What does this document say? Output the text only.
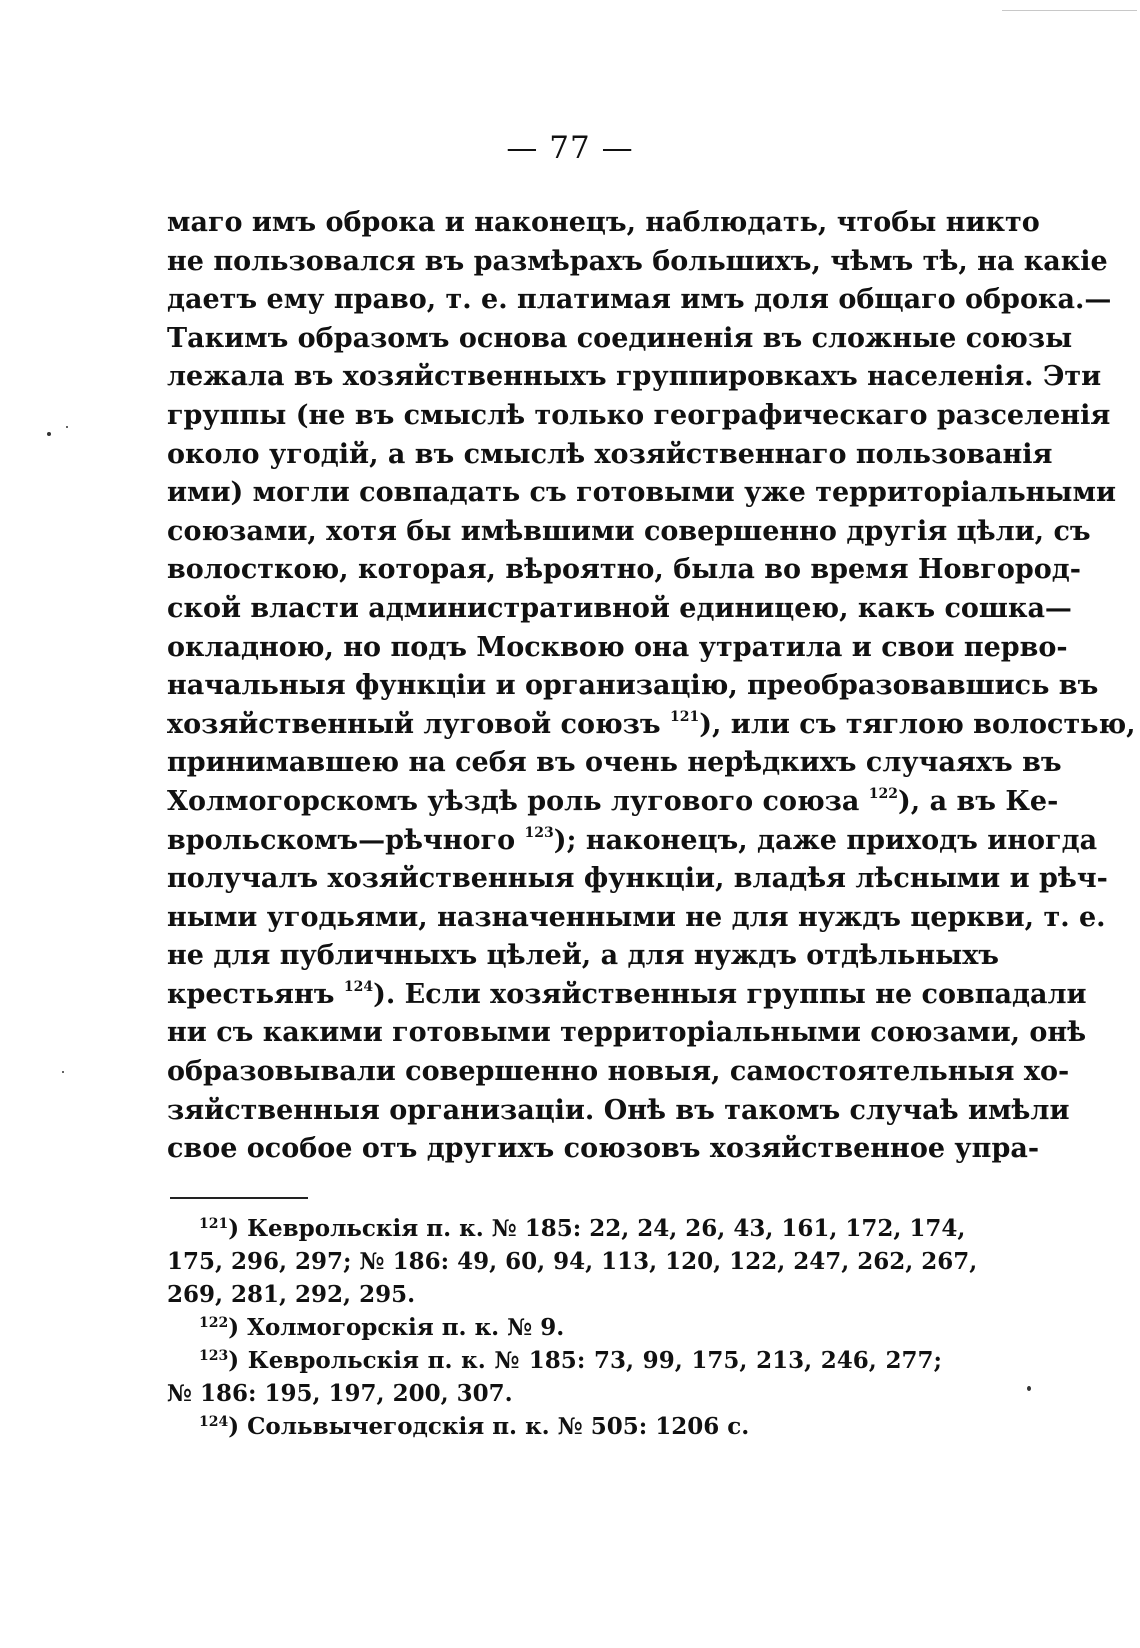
— 77 —
маго имъ оброка и наконецъ, наблюдать, чтобы никто
не пользовался въ размѣрахъ большихъ, чѣмъ тѣ, на какіе
даетъ ему право, т. е. платимая имъ доля общаго оброка.—
Такимъ образомъ основа соединенія въ сложные союзы
лежала въ хозяйственныхъ группировкахъ населенія. Эти
группы (не въ смыслѣ только географическаго разселенія
около угодій, а въ смыслѣ хозяйственнаго пользованія
ими) могли совпадать съ готовыми уже территоріальными
союзами, хотя бы имѣвшими совершенно другія цѣли, съ
волосткою, которая, вѣроятно, была во время Новгород-
ской власти административной единицею, какъ сошка—
окладною, но подъ Москвою она утратила и свои перво-
начальныя функціи и организацію, преобразовавшись въ
хозяйственный луговой союзъ $^{121}$), или съ тяглою волостью,
принимавшею на себя въ очень нерѣдкихъ случаяхъ въ
Холмогорскомъ уѣздѣ роль лугового союза $^{122}$), а въ Ке-
врольскомъ—рѣчного $^{123}$); наконецъ, даже приходъ иногда
получалъ хозяйственныя функціи, владѣя лѣсными и рѣч-
ными угодьями, назначенными не для нуждъ церкви, т. е.
не для публичныхъ цѣлей, а для нуждъ отдѣльныхъ
крестьянъ $^{124}$). Если хозяйственныя группы не совпадали
ни съ какими готовыми территоріальными союзами, онѣ
образовывали совершенно новыя, самостоятельныя хо-
зяйственныя организаціи. Онѣ въ такомъ случаѣ имѣли
свое особое отъ другихъ союзовъ хозяйственное упра-
$^{121}$) Кеврольскія п. к. № 185: 22, 24, 26, 43, 161, 172, 174,
175, 296, 297; № 186: 49, 60, 94, 113, 120, 122, 247, 262, 267,
269, 281, 292, 295.
$^{122}$) Холмогорскія п. к. № 9.
$^{123}$) Кеврольскія п. к. № 185: 73, 99, 175, 213, 246, 277;
№ 186: 195, 197, 200, 307.
$^{124}$) Сольвычегодскія п. к. № 505: 1206 с.
